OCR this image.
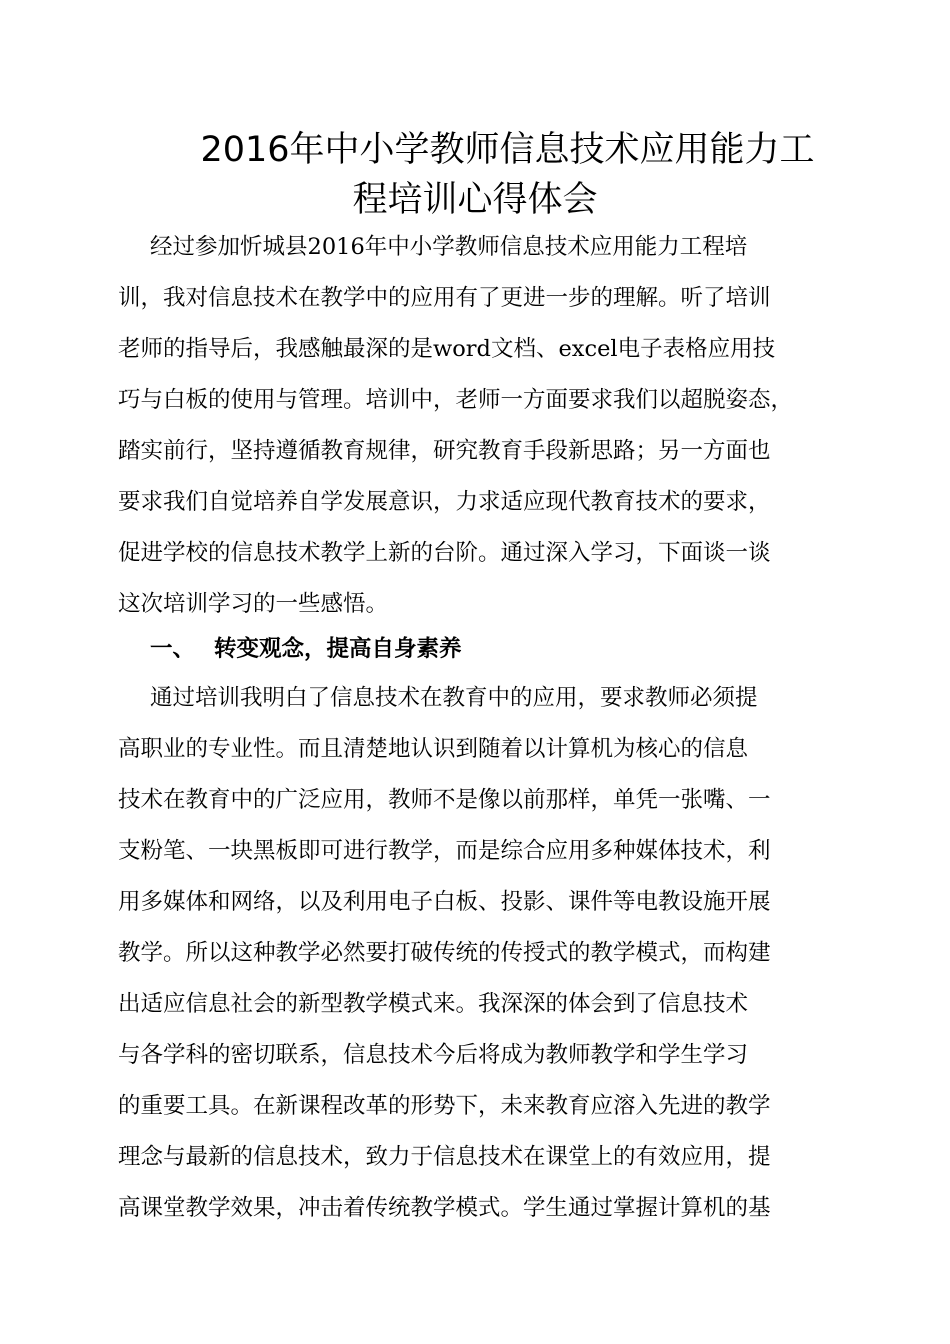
2016年中小学教师信息技术应用能力工
程培训心得体会
经过参加忻城县2016年中小学教师信息技术应用能力工程培
训，我对信息技术在教学中的应用有了更进一步的理解。听了培训
老师的指导后，我感触最深的是word文档、excel电子表格应用技
巧与白板的使用与管理。培训中，老师一方面要求我们以超脱姿态，
踏实前行，坚持遵循教育规律，研究教育手段新思路；另一方面也
要求我们自觉培养自学发展意识，力求适应现代教育技术的要求，
促进学校的信息技术教学上新的台阶。通过深入学习，下面谈一谈
这次培训学习的一些感悟。
一、 转变观念，提高自身素养
通过培训我明白了信息技术在教育中的应用，要求教师必须提
高职业的专业性。而且清楚地认识到随着以计算机为核心的信息
技术在教育中的广泛应用，教师不是像以前那样，单凭一张嘴、一
支粉笔、一块黑板即可进行教学，而是综合应用多种媒体技术，利
用多媒体和网络，以及利用电子白板、投影、课件等电教设施开展
教学。所以这种教学必然要打破传统的传授式的教学模式，而构建
出适应信息社会的新型教学模式来。我深深的体会到了信息技术
与各学科的密切联系，信息技术今后将成为教师教学和学生学习
的重要工具。在新课程改革的形势下，未来教育应溶入先进的教学
理念与最新的信息技术，致力于信息技术在课堂上的有效应用，提
高课堂教学效果，冲击着传统教学模式。学生通过掌握计算机的基
